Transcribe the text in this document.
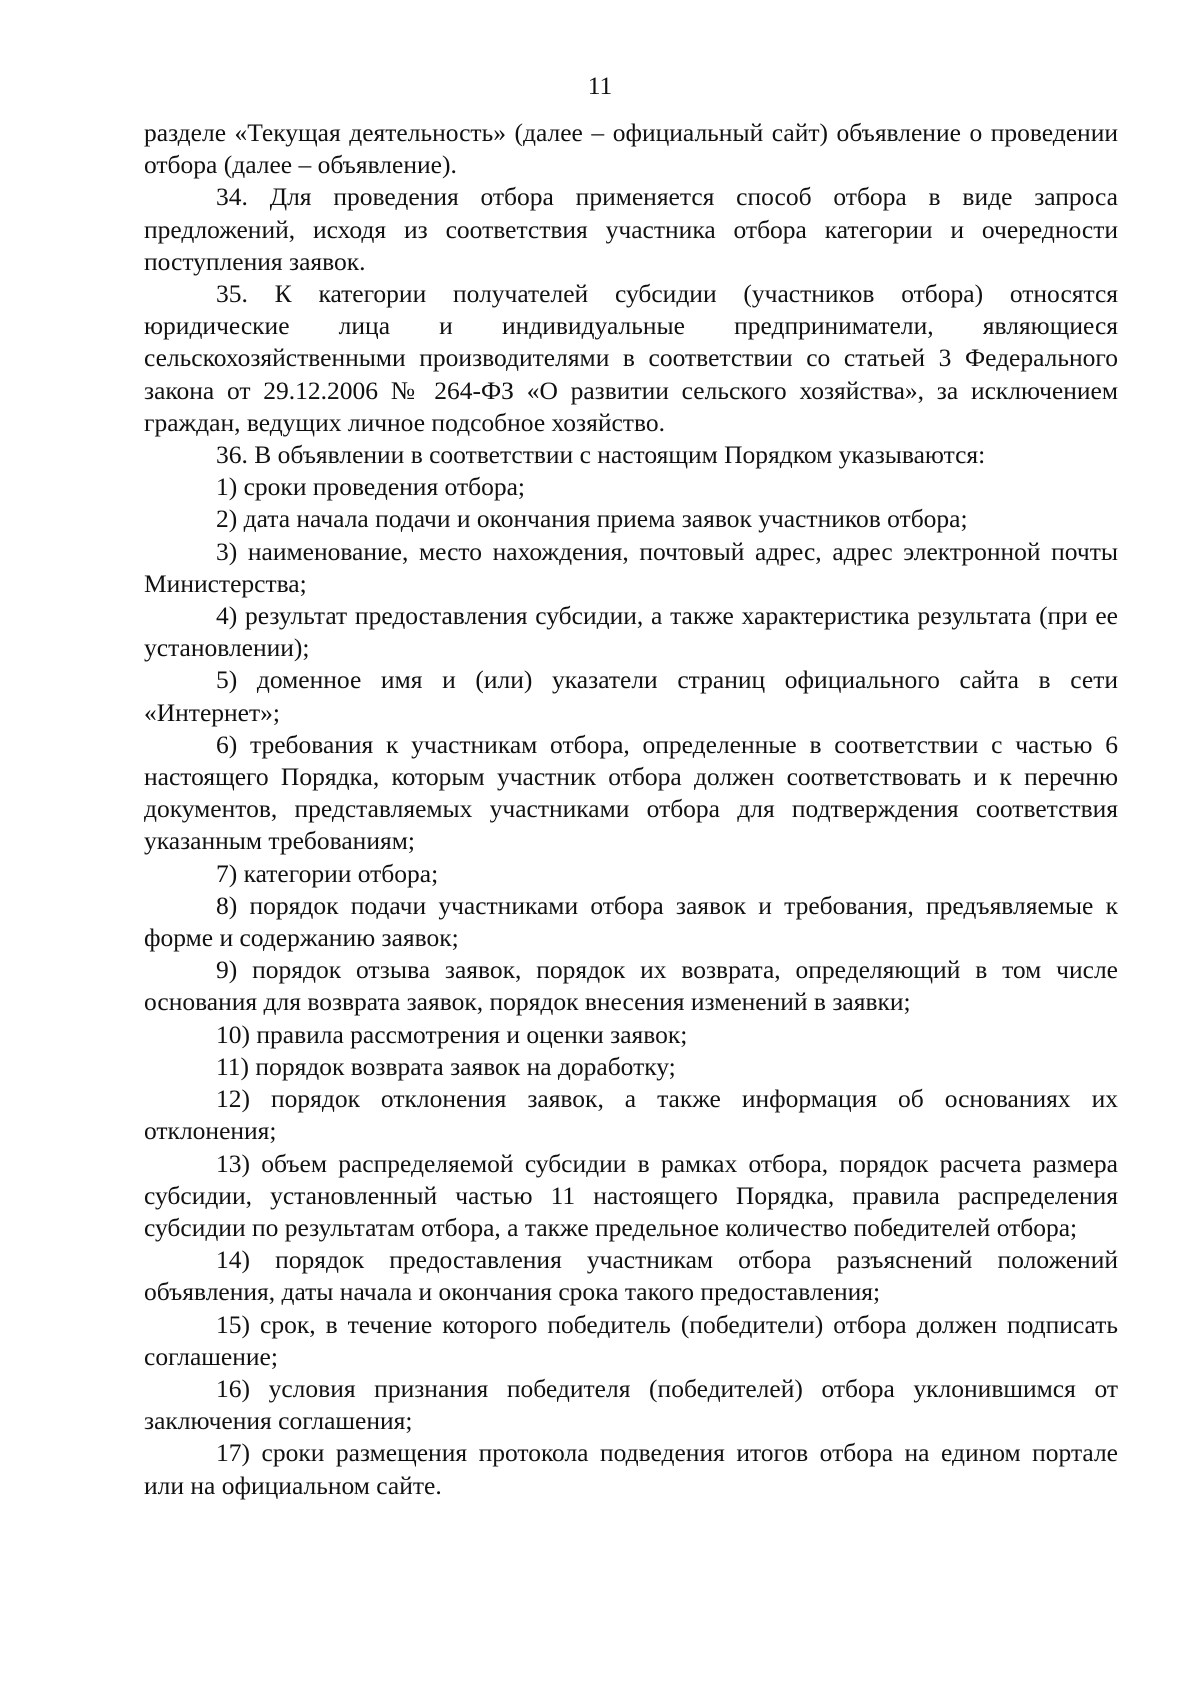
11

разделе «Текущая деятельность» (далее – официальный сайт) объявление о проведении отбора (далее – объявление).

34. Для проведения отбора применяется способ отбора в виде запроса предложений, исходя из соответствия участника отбора категории и очередности поступления заявок.

35. К категории получателей субсидии (участников отбора) относятся юридические лица и индивидуальные предприниматели, являющиеся сельскохозяйственными производителями в соответствии со статьей 3 Федерального закона от 29.12.2006 № 264-ФЗ «О развитии сельского хозяйства», за исключением граждан, ведущих личное подсобное хозяйство.

36. В объявлении в соответствии с настоящим Порядком указываются:

1) сроки проведения отбора;

2) дата начала подачи и окончания приема заявок участников отбора;

3) наименование, место нахождения, почтовый адрес, адрес электронной почты Министерства;

4) результат предоставления субсидии, а также характеристика результата (при ее установлении);

5) доменное имя и (или) указатели страниц официального сайта в сети «Интернет»;

6) требования к участникам отбора, определенные в соответствии с частью 6 настоящего Порядка, которым участник отбора должен соответствовать и к перечню документов, представляемых участниками отбора для подтверждения соответствия указанным требованиям;

7) категории отбора;

8) порядок подачи участниками отбора заявок и требования, предъявляемые к форме и содержанию заявок;

9) порядок отзыва заявок, порядок их возврата, определяющий в том числе основания для возврата заявок, порядок внесения изменений в заявки;

10) правила рассмотрения и оценки заявок;

11) порядок возврата заявок на доработку;

12) порядок отклонения заявок, а также информация об основаниях их отклонения;

13) объем распределяемой субсидии в рамках отбора, порядок расчета размера субсидии, установленный частью 11 настоящего Порядка, правила распределения субсидии по результатам отбора, а также предельное количество победителей отбора;

14) порядок предоставления участникам отбора разъяснений положений объявления, даты начала и окончания срока такого предоставления;

15) срок, в течение которого победитель (победители) отбора должен подписать соглашение;

16) условия признания победителя (победителей) отбора уклонившимся от заключения соглашения;

17) сроки размещения протокола подведения итогов отбора на едином портале или на официальном сайте.
